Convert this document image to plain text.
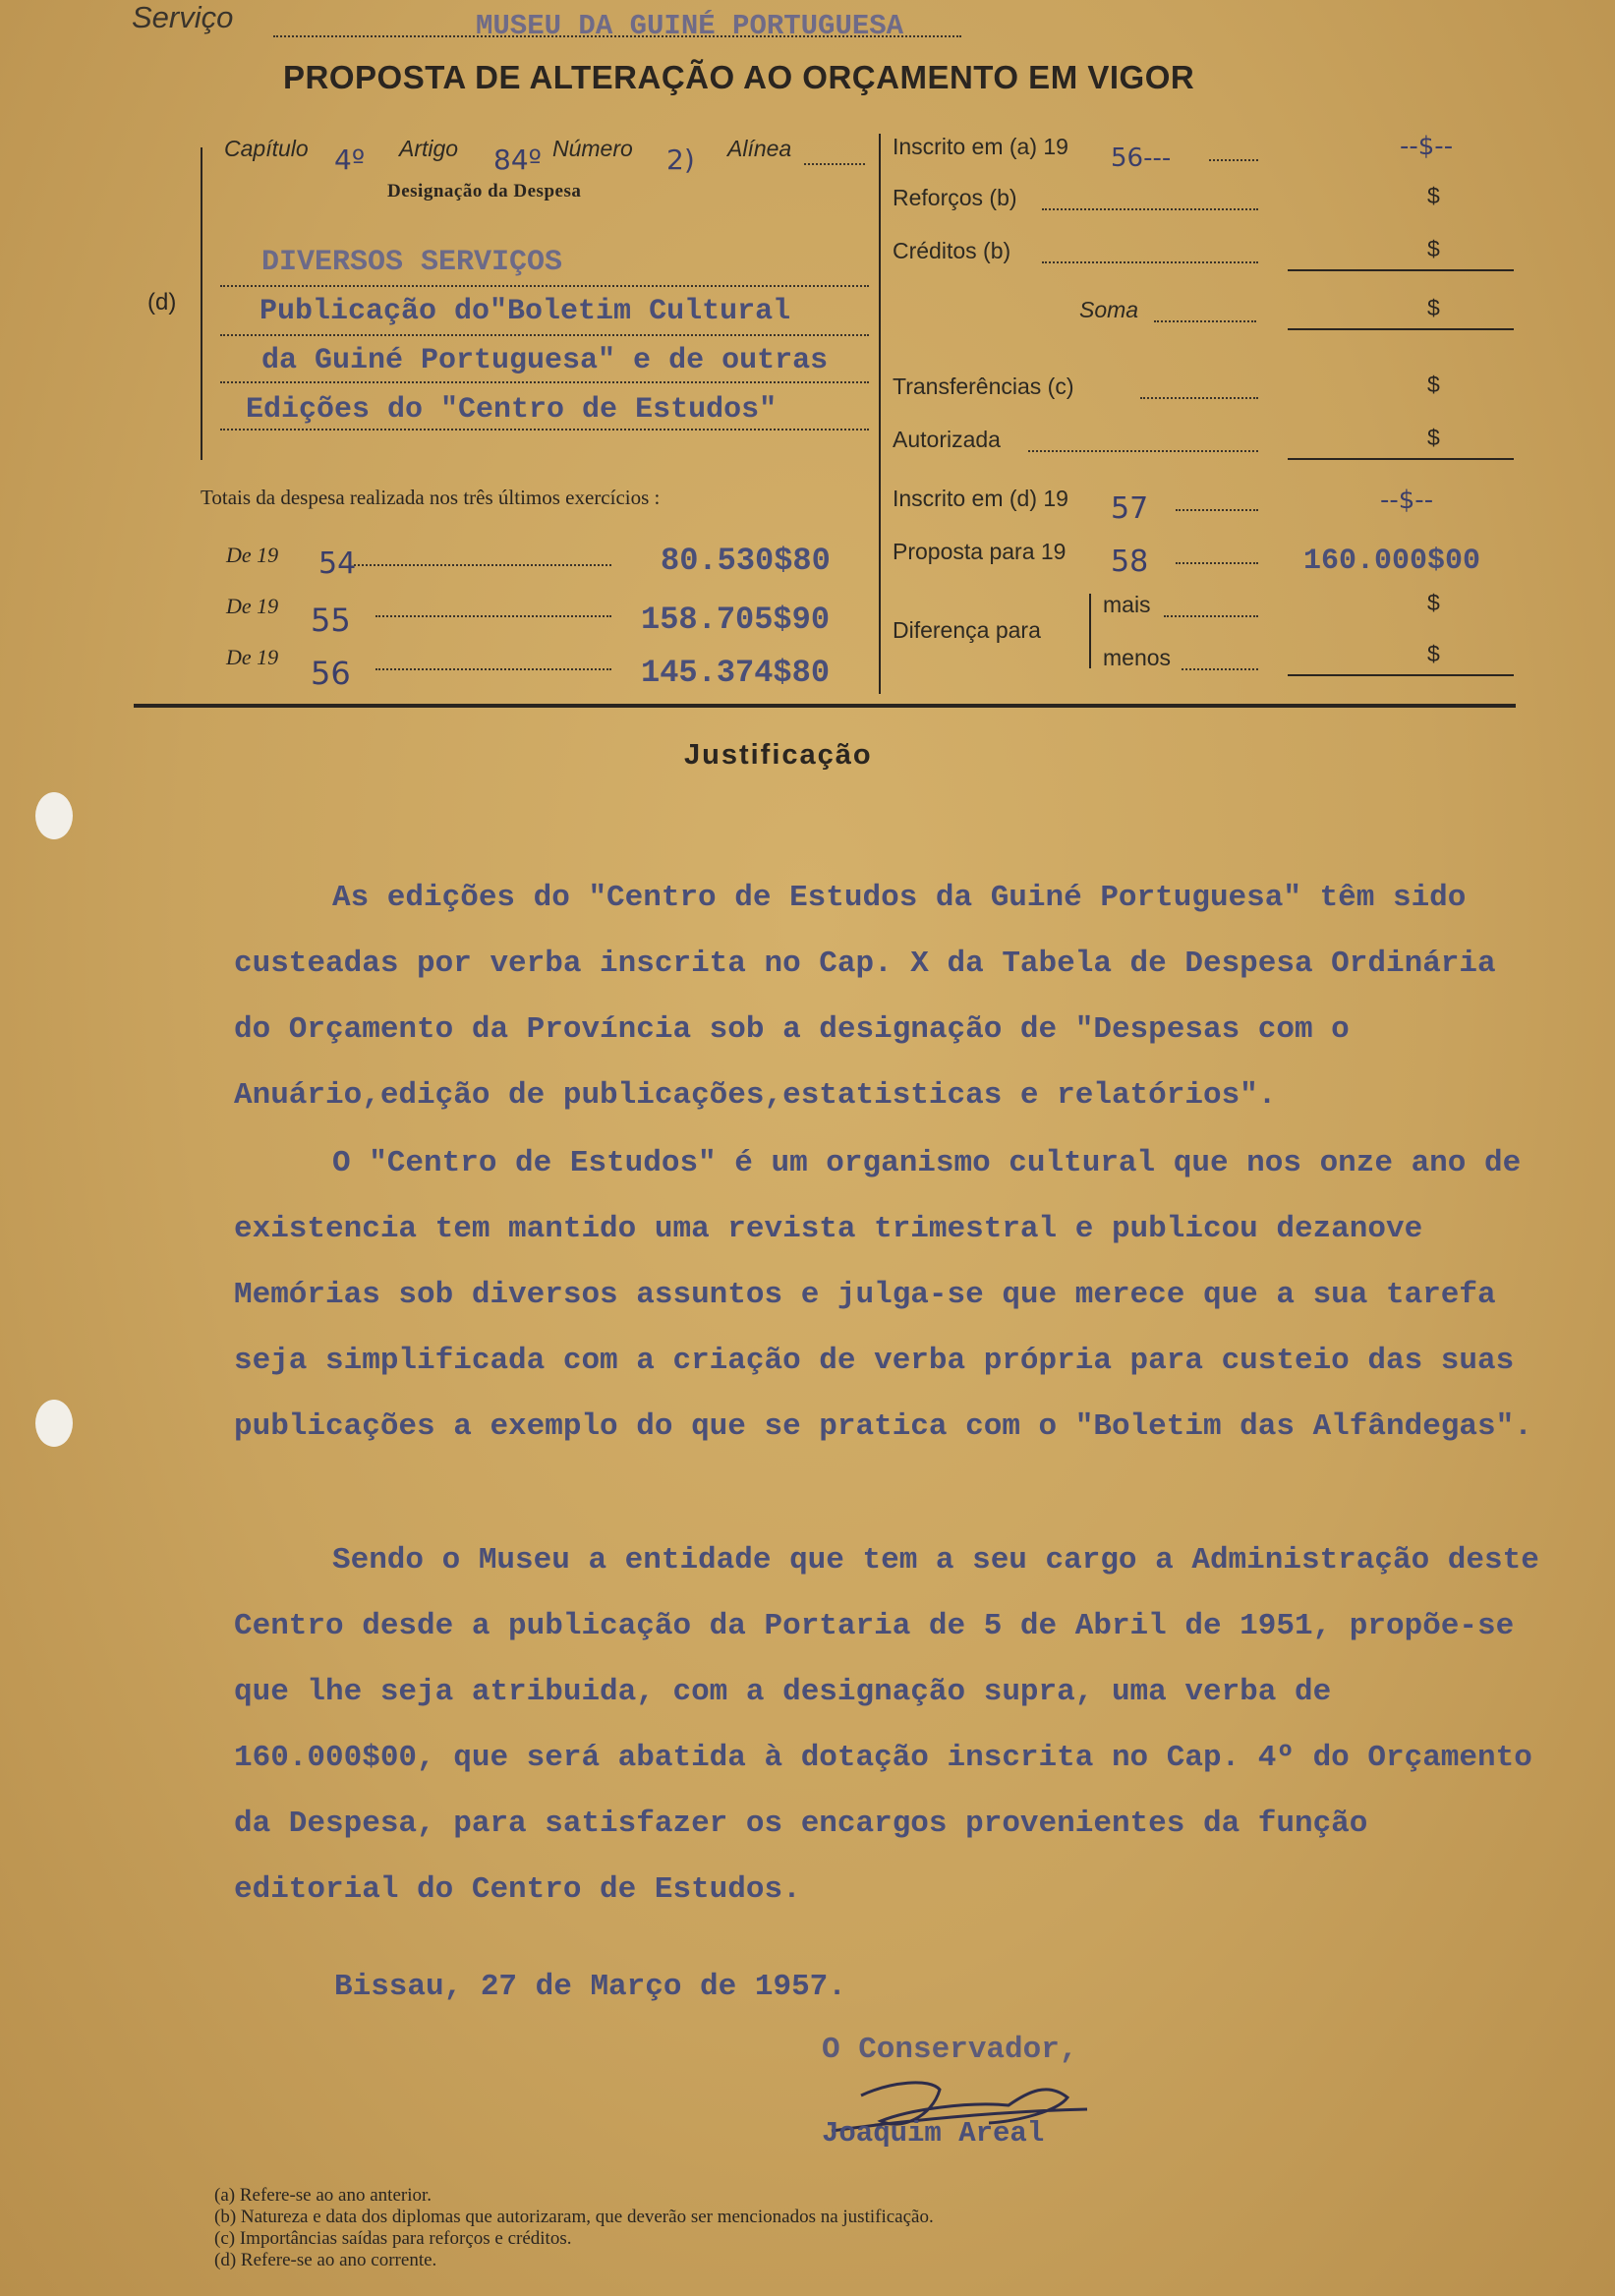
Serviço	MUSEU DA GUINÉ PORTUGUESA
PROPOSTA DE ALTERAÇÃO AO ORÇAMENTO EM VIGOR
(d)
Capítulo 4º Artigo 84º Número 2) Alínea
Designação da Despesa
DIVERSOS SERVIÇOS
Publicação do"Boletim Cultural
da Guiné Portuguesa" e de outras
Edições do "Centro de Estudos"
Totais da despesa realizada nos três últimos exercícios :
De 19 54	80.530$80
De 19 55	158.705$90
De 19 56	145.374$80
Inscrito em (a) 19 56---	--$--
Reforços (b)	$
Créditos (b)	$
Soma	$
Transferências (c)	$
Autorizada	$
Inscrito em (d) 19 57	--$--
Proposta para 19 58	160.000$00
Diferença para
mais	$
menos	$
Justificação
As edições do "Centro de Estudos da Guiné Portuguesa" têm sido custeadas por verba inscrita no Cap. X da Tabela de Despesa Ordinária do Orçamento da Província sob a designação de "Despesas com o Anuário,edição de publicações,estatisticas e relatórios".
O "Centro de Estudos" é um organismo cultural que nos onze ano de existencia tem mantido uma revista trimestral e publicou dezanove Memórias sob diversos assuntos e julga-se que merece que a sua tarefa seja simplificada com a criação de verba própria para custeio das suas publicações a exemplo do que se pratica com o "Boletim das Alfândegas".
Sendo o Museu a entidade que tem a seu cargo a Administração deste Centro desde a publicação da Portaria de 5 de Abril de 1951, propõe-se que lhe seja atribuida, com a designação supra, uma verba de 160.000$00, que será abatida à dotação inscrita no Cap. 4º do Orçamento da Despesa, para satisfazer os encargos provenientes da função editorial do Centro de Estudos.
Bissau, 27 de Março de 1957.
O Conservador,
Joaquim Areal
(a) Refere-se ao ano anterior.
(b) Natureza e data dos diplomas que autorizaram, que deverão ser mencionados na justificação.
(c) Importâncias saídas para reforços e créditos.
(d) Refere-se ao ano corrente.
